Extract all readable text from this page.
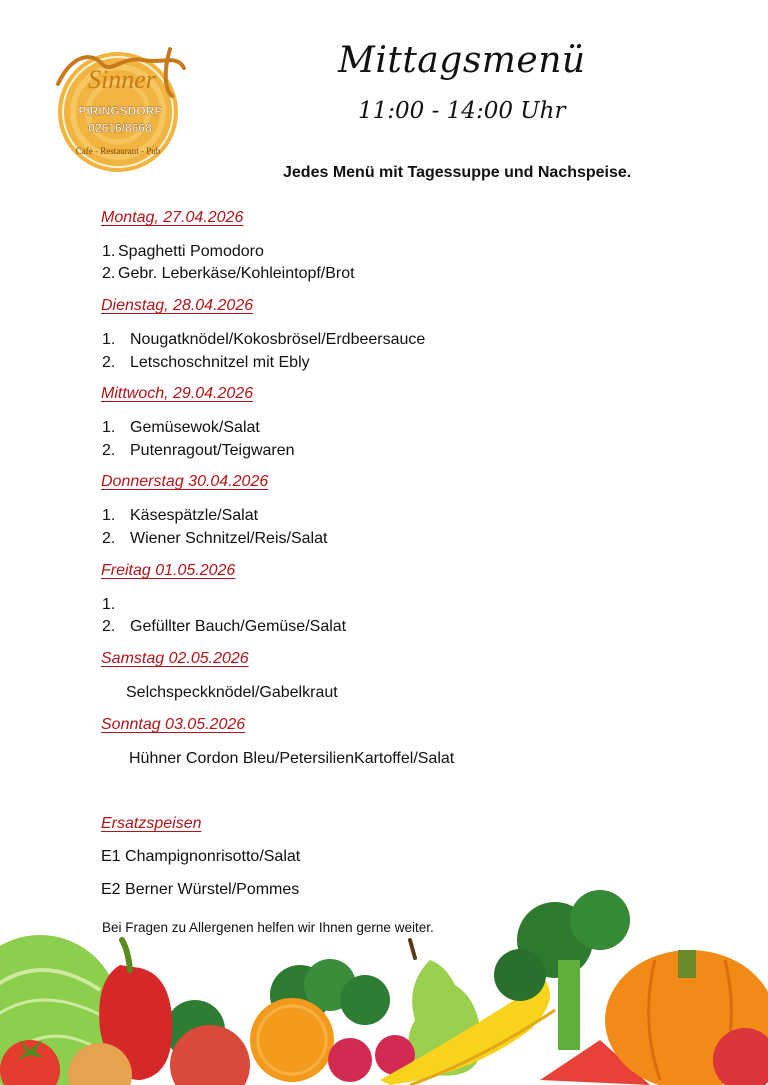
Sinner
PIRINGSDORF
02616/8668
Cafe - Restaurant - Pub
Mittagsmenü
11:00 - 14:00 Uhr
Jedes Menü mit Tagessuppe und Nachspeise.
Montag, 27.04.2026
1. Spaghetti Pomodoro
2. Gebr. Leberkäse/Kohleintopf/Brot
Dienstag, 28.04.2026
1. Nougatknödel/Kokosbrösel/Erdbeersauce
2. Letschoschnitzel mit Ebly
Mittwoch, 29.04.2026
1. Gemüsewok/Salat
2. Putenragout/Teigwaren
Donnerstag 30.04.2026
1. Käsespätzle/Salat
2. Wiener Schnitzel/Reis/Salat
Freitag 01.05.2026
1.
2. Gefüllter Bauch/Gemüse/Salat
Samstag 02.05.2026
Selchspeckknödel/Gabelkraut
Sonntag 03.05.2026
Hühner Cordon Bleu/PetersilienKartoffel/Salat
Ersatzspeisen
E1 Champignonrisotto/Salat
E2 Berner Würstel/Pommes
Bei Fragen zu Allergenen helfen wir Ihnen gerne weiter.
